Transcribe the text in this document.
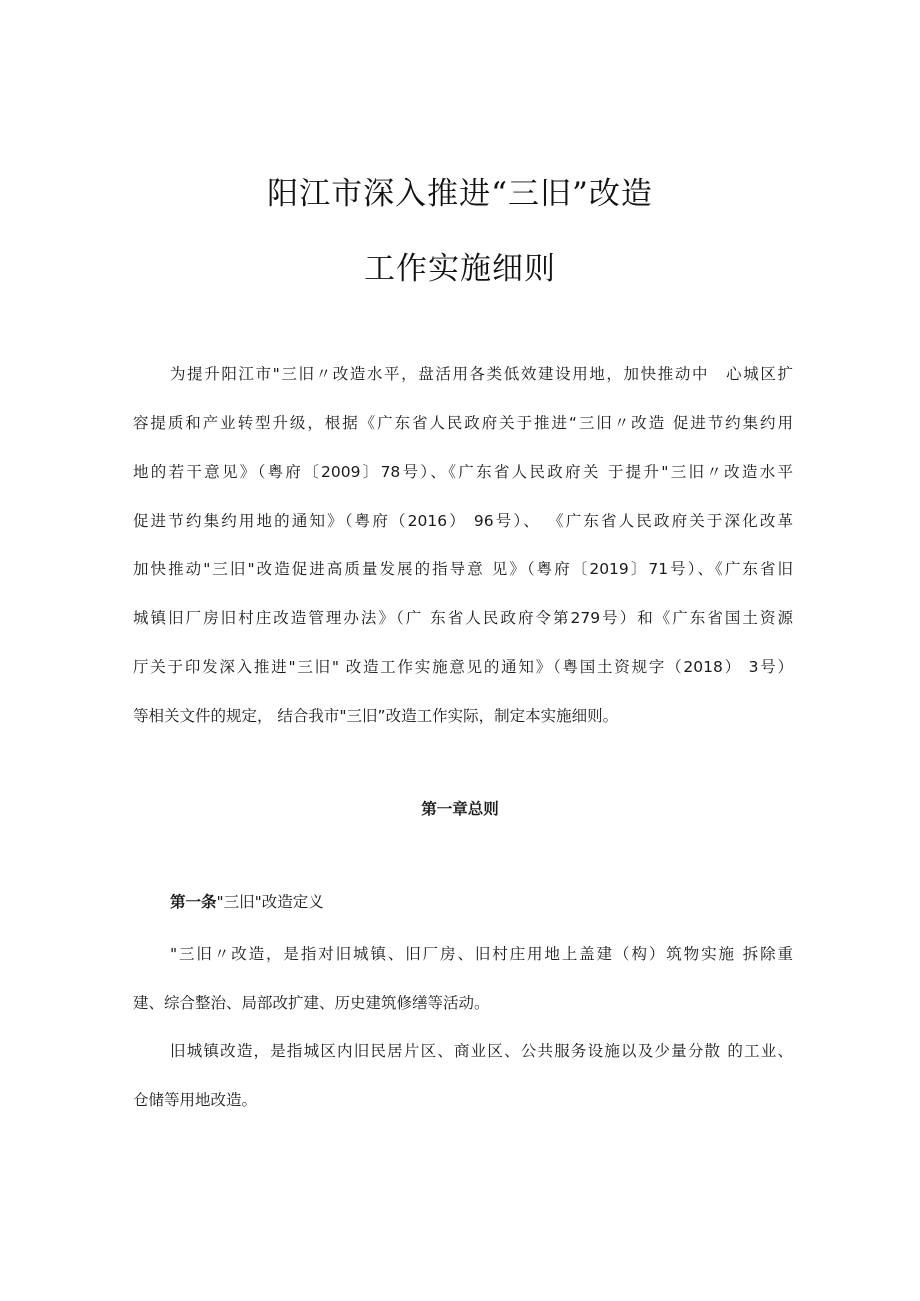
阳江市深入推进“三旧”改造
工作实施细则
为提升阳江市"三旧〃改造水平，盘活用各类低效建设用地，加快推动中　心城区扩
容提质和产业转型升级，根据《广东省人民政府关于推进“三旧〃改造 促进节约集约用
地的若干意见》（粤府〔2009〕78号）、《广东省人民政府关 于提升"三旧〃改造水平
促进节约集约用地的通知》（粤府（2016） 96号）、 《广东省人民政府关于深化改革
加快推动"三旧"改造促进高质量发展的指导意 见》（粤府〔2019〕71号）、《广东省旧
城镇旧厂房旧村庄改造管理办法》（广 东省人民政府令第279号）和《广东省国土资源
厅关于印发深入推进"三旧" 改造工作实施意见的通知》（粤国土资规字（2018） 3号）
等相关文件的规定， 结合我市"三旧”改造工作实际，制定本实施细则。
第一章总则
第一条"三旧"改造定义
"三旧〃改造，是指对旧城镇、旧厂房、旧村庄用地上盖建（构）筑物实施 拆除重
建、综合整治、局部改扩建、历史建筑修缮等活动。
旧城镇改造，是指城区内旧民居片区、商业区、公共服务设施以及少量分散 的工业、
仓储等用地改造。
